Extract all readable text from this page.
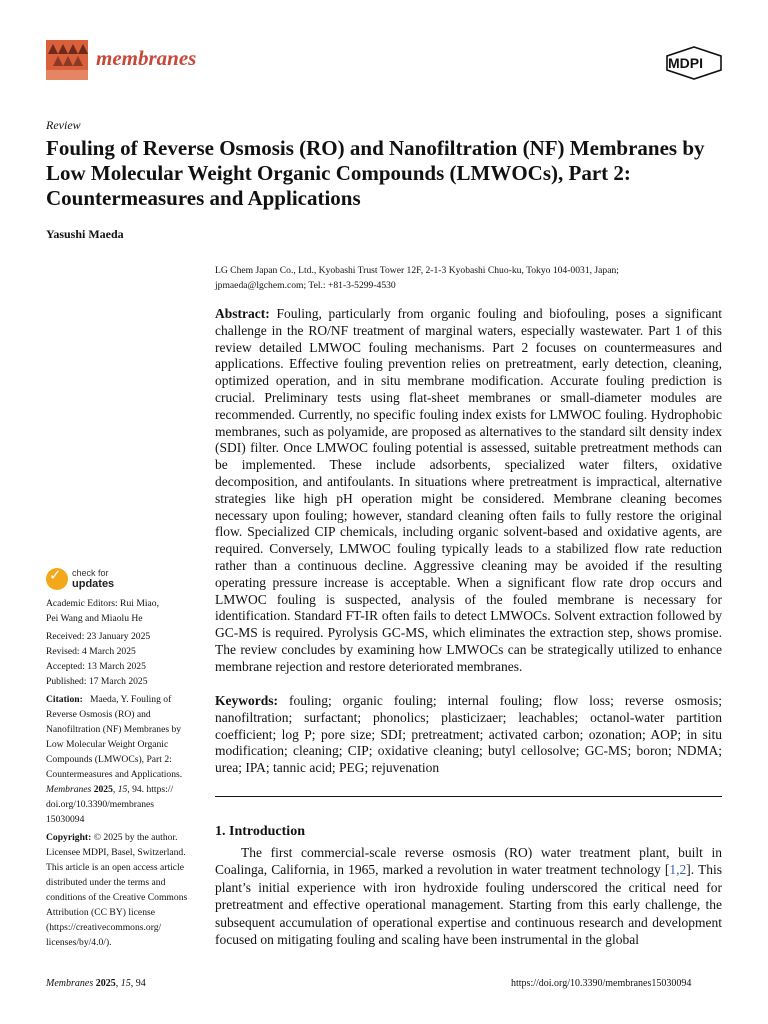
membranes	MDPI
Review
Fouling of Reverse Osmosis (RO) and Nanofiltration (NF) Membranes by Low Molecular Weight Organic Compounds (LMWOCs), Part 2: Countermeasures and Applications
Yasushi Maeda
LG Chem Japan Co., Ltd., Kyobashi Trust Tower 12F, 2-1-3 Kyobashi Chuo-ku, Tokyo 104-0031, Japan;
jpmaeda@lgchem.com; Tel.: +81-3-5299-4530
Abstract: Fouling, particularly from organic fouling and biofouling, poses a significant challenge in the RO/NF treatment of marginal waters, especially wastewater. Part 1 of this review detailed LMWOC fouling mechanisms. Part 2 focuses on countermeasures and applications. Effective fouling prevention relies on pretreatment, early detection, cleaning, optimized operation, and in situ membrane modification. Accurate fouling prediction is crucial. Preliminary tests using flat-sheet membranes or small-diameter modules are recommended. Currently, no specific fouling index exists for LMWOC fouling. Hydrophobic membranes, such as polyamide, are proposed as alternatives to the standard silt density index (SDI) filter. Once LMWOC fouling potential is assessed, suitable pretreatment methods can be implemented. These include adsorbents, specialized water filters, oxidative decomposition, and antifoulants. In situations where pretreatment is impractical, alternative strategies like high pH operation might be considered. Membrane cleaning becomes necessary upon fouling; however, standard cleaning often fails to fully restore the original flow. Specialized CIP chemicals, including organic solvent-based and oxidative agents, are required. Conversely, LMWOC fouling typically leads to a stabilized flow rate reduction rather than a continuous decline. Aggressive cleaning may be avoided if the resulting operating pressure increase is acceptable. When a significant flow rate drop occurs and LMWOC fouling is suspected, analysis of the fouled membrane is necessary for identification. Standard FT-IR often fails to detect LMWOCs. Solvent extraction followed by GC-MS is required. Pyrolysis GC-MS, which eliminates the extraction step, shows promise. The review concludes by examining how LMWOCs can be strategically utilized to enhance membrane rejection and restore deteriorated membranes.
Keywords: fouling; organic fouling; internal fouling; flow loss; reverse osmosis; nanofiltration; surfactant; phonolics; plasticizaer; leachables; octanol-water partition coefficient; log P; pore size; SDI; pretreatment; activated carbon; ozonation; AOP; in situ modification; cleaning; CIP; oxidative cleaning; butyl cellosolve; GC-MS; boron; NDMA; urea; IPA; tannic acid; PEG; rejuvenation
1. Introduction
The first commercial-scale reverse osmosis (RO) water treatment plant, built in Coalinga, California, in 1965, marked a revolution in water treatment technology [1,2]. This plant’s initial experience with iron hydroxide fouling underscored the critical need for pretreatment and effective operational management. Starting from this early challenge, the subsequent accumulation of operational expertise and continuous research and development focused on mitigating fouling and scaling have been instrumental in the global
✓ check for
updates
Academic Editors: Rui Miao,
Pei Wang and Miaolu He
Received: 23 January 2025
Revised: 4 March 2025
Accepted: 13 March 2025
Published: 17 March 2025
Citation: Maeda, Y. Fouling of
Reverse Osmosis (RO) and
Nanofiltration (NF) Membranes by
Low Molecular Weight Organic
Compounds (LMWOCs), Part 2:
Countermeasures and Applications.
Membranes 2025, 15, 94. https://
doi.org/10.3390/membranes
15030094
Copyright: © 2025 by the author.
Licensee MDPI, Basel, Switzerland.
This article is an open access article
distributed under the terms and
conditions of the Creative Commons
Attribution (CC BY) license
(https://creativecommons.org/
licenses/by/4.0/).
Membranes 2025, 15, 94	https://doi.org/10.3390/membranes15030094
